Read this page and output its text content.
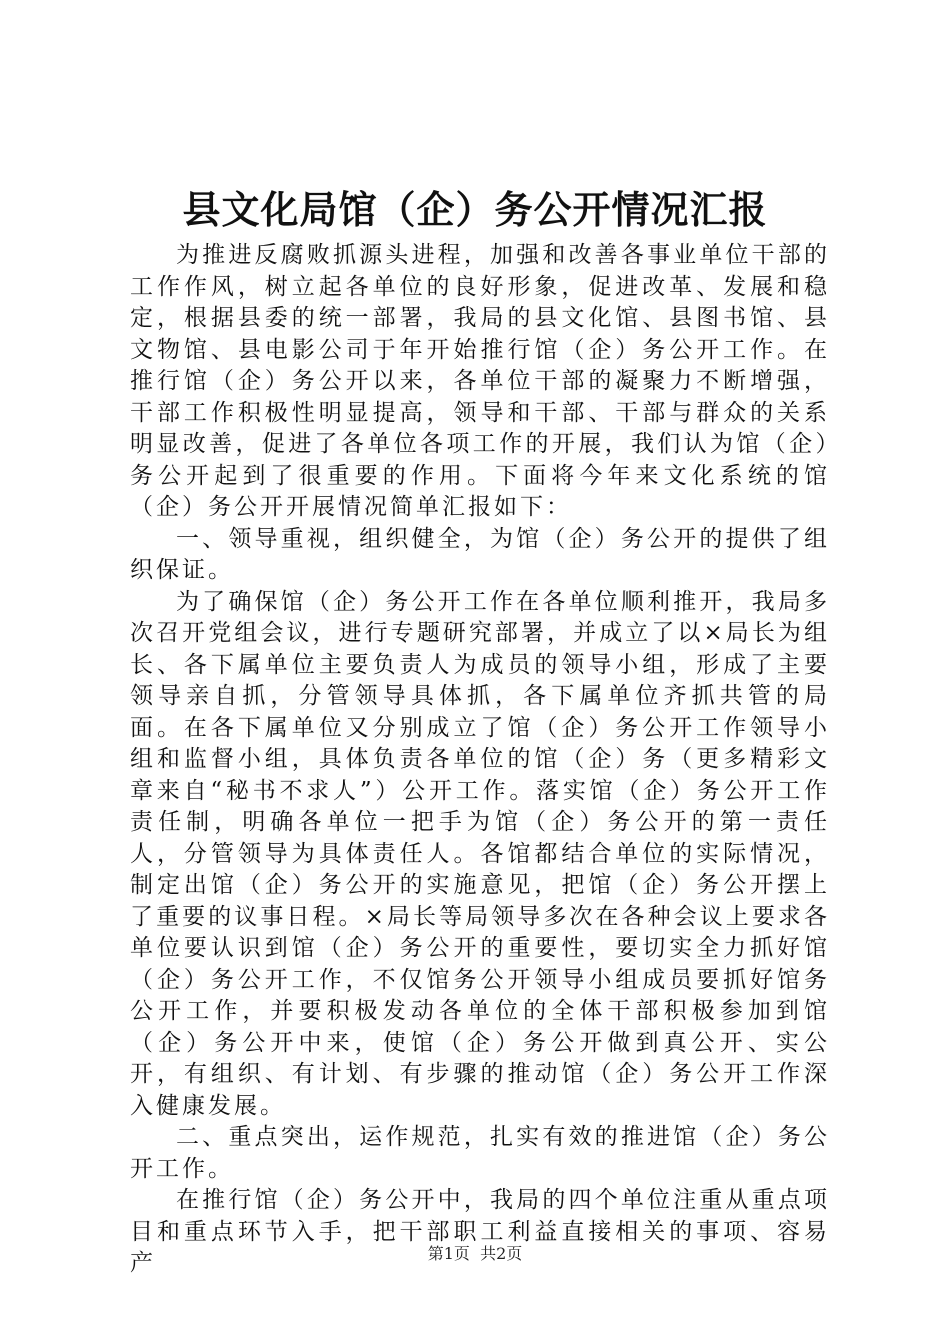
县文化局馆（企）务公开情况汇报

为推进反腐败抓源头进程，加强和改善各事业单位干部的工作作风，树立起各单位的良好形象，促进改革、发展和稳定，根据县委的统一部署，我局的县文化馆、县图书馆、县文物馆、县电影公司于年开始推行馆（企）务公开工作。在推行馆（企）务公开以来，各单位干部的凝聚力不断增强，干部工作积极性明显提高，领导和干部、干部与群众的关系明显改善，促进了各单位各项工作的开展，我们认为馆（企）务公开起到了很重要的作用。下面将今年来文化系统的馆（企）务公开开展情况简单汇报如下：

一、领导重视，组织健全，为馆（企）务公开的提供了组织保证。

为了确保馆（企）务公开工作在各单位顺利推开，我局多次召开党组会议，进行专题研究部署，并成立了以×局长为组长、各下属单位主要负责人为成员的领导小组，形成了主要领导亲自抓，分管领导具体抓，各下属单位齐抓共管的局面。在各下属单位又分别成立了馆（企）务公开工作领导小组和监督小组，具体负责各单位的馆（企）务（更多精彩文章来自“秘书不求人”）公开工作。落实馆（企）务公开工作责任制，明确各单位一把手为馆（企）务公开的第一责任人，分管领导为具体责任人。各馆都结合单位的实际情况，制定出馆（企）务公开的实施意见，把馆（企）务公开摆上了重要的议事日程。×局长等局领导多次在各种会议上要求各单位要认识到馆（企）务公开的重要性，要切实全力抓好馆（企）务公开工作，不仅馆务公开领导小组成员要抓好馆务公开工作，并要积极发动各单位的全体干部积极参加到馆（企）务公开中来，使馆（企）务公开做到真公开、实公开，有组织、有计划、有步骤的推动馆（企）务公开工作深入健康发展。

二、重点突出，运作规范，扎实有效的推进馆（企）务公开工作。

在推行馆（企）务公开中，我局的四个单位注重从重点项目和重点环节入手，把干部职工利益直接相关的事项、容易产	第1页 共2页
